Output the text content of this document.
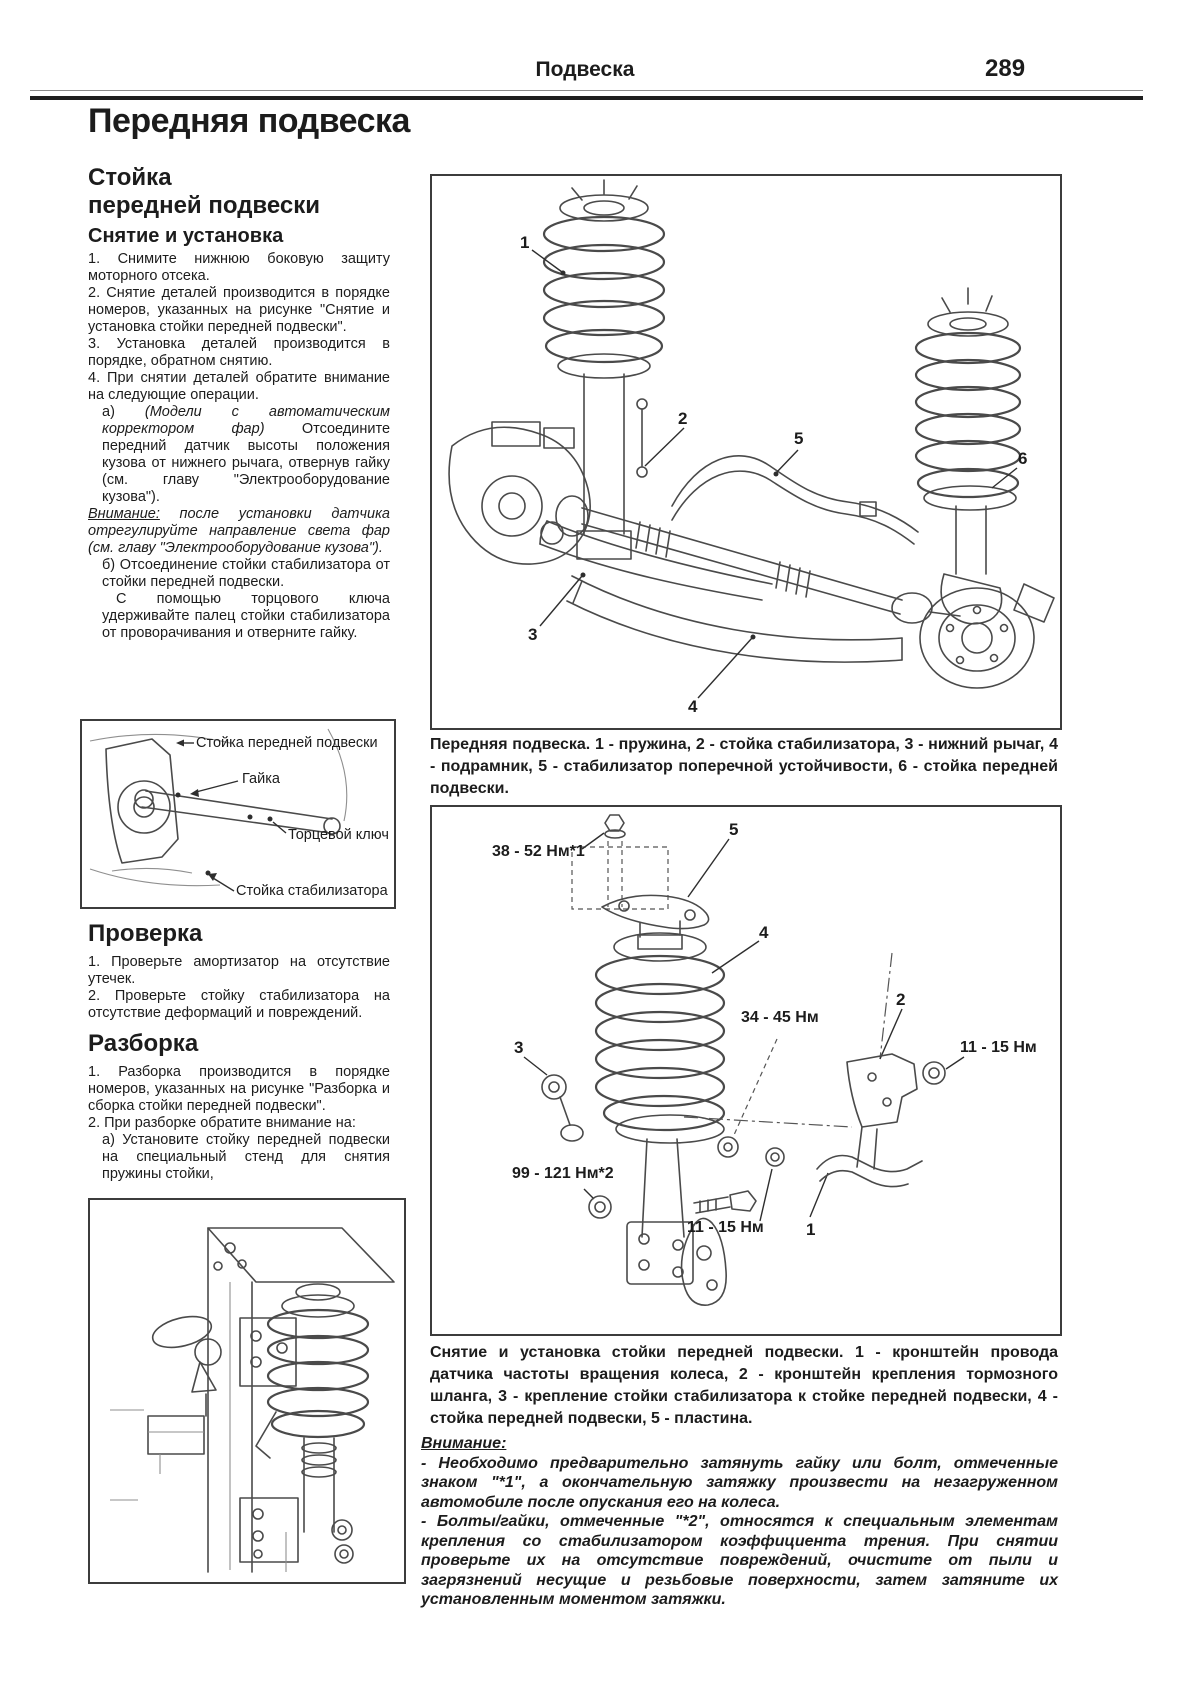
Подвеска	289
Передняя подвеска
Стойка
передней подвески
Снятие и установка

1. Снимите нижнюю боковую защиту моторного отсека.

2. Снятие деталей производится в порядке номеров, указанных на рисунке "Снятие и установка стойки передней подвески".

3. Установка деталей производится в порядке, обратном снятию.

4. При снятии деталей обратите внимание на следующие операции.

а) (Модели с автоматическим корректором фар) Отсоедините передний датчик высоты положения кузова от нижнего рычага, отвернув гайку (см. главу "Электрооборудование кузова").

Внимание: после установки датчика отрегулируйте направление света фар (см. главу "Электрооборудование кузова").

б) Отсоединение стойки стабилизатора от стойки передней подвески.

С помощью торцового ключа удерживайте палец стойки стабилизатора от проворачивания и отверните гайку.

Стойка передней подвески
Гайка
Торцевой ключ
Стойка стабилизатора
Проверка

1. Проверьте амортизатор на отсутствие утечек.

2. Проверьте стойку стабилизатора на отсутствие деформаций и повреждений.

Разборка

1. Разборка производится в порядке номеров, указанных на рисунке "Разборка и сборка стойки передней подвески".

2. При разборке обратите внимание на:

а) Установите стойку передней подвески на специальный стенд для снятия пружины стойки,

1
2
5
3
4
6
Передняя подвеска. 1 - пружина, 2 - стойка стабилизатора, 3 - нижний рычаг, 4 - подрамник, 5 - стабилизатор поперечной устойчивости, 6 - стойка передней подвески.
5
4
3
2
1
38 - 52 Нм*1
34 - 45 Нм
11 - 15 Нм
99 - 121 Нм*2
11 - 15 Нм
Снятие и установка стойки передней подвески. 1 - кронштейн провода датчика частоты вращения колеса, 2 - кронштейн крепления тормозного шланга, 3 - крепление стойки стабилизатора к стойке передней подвески, 4 - стойка передней подвески, 5 - пластина.

Внимание:

- Необходимо предварительно затянуть гайку или болт, отмеченные знаком "*1", а окончательную затяжку произвести на незагруженном автомобиле после опускания его на колеса.

- Болты/гайки, отмеченные "*2", относятся к специальным элементам крепления со стабилизатором коэффициента трения. При снятии проверьте их на отсутствие повреждений, очистите от пыли и загрязнений несущие и резьбовые поверхности, затем затяните их установленным моментом затяжки.
